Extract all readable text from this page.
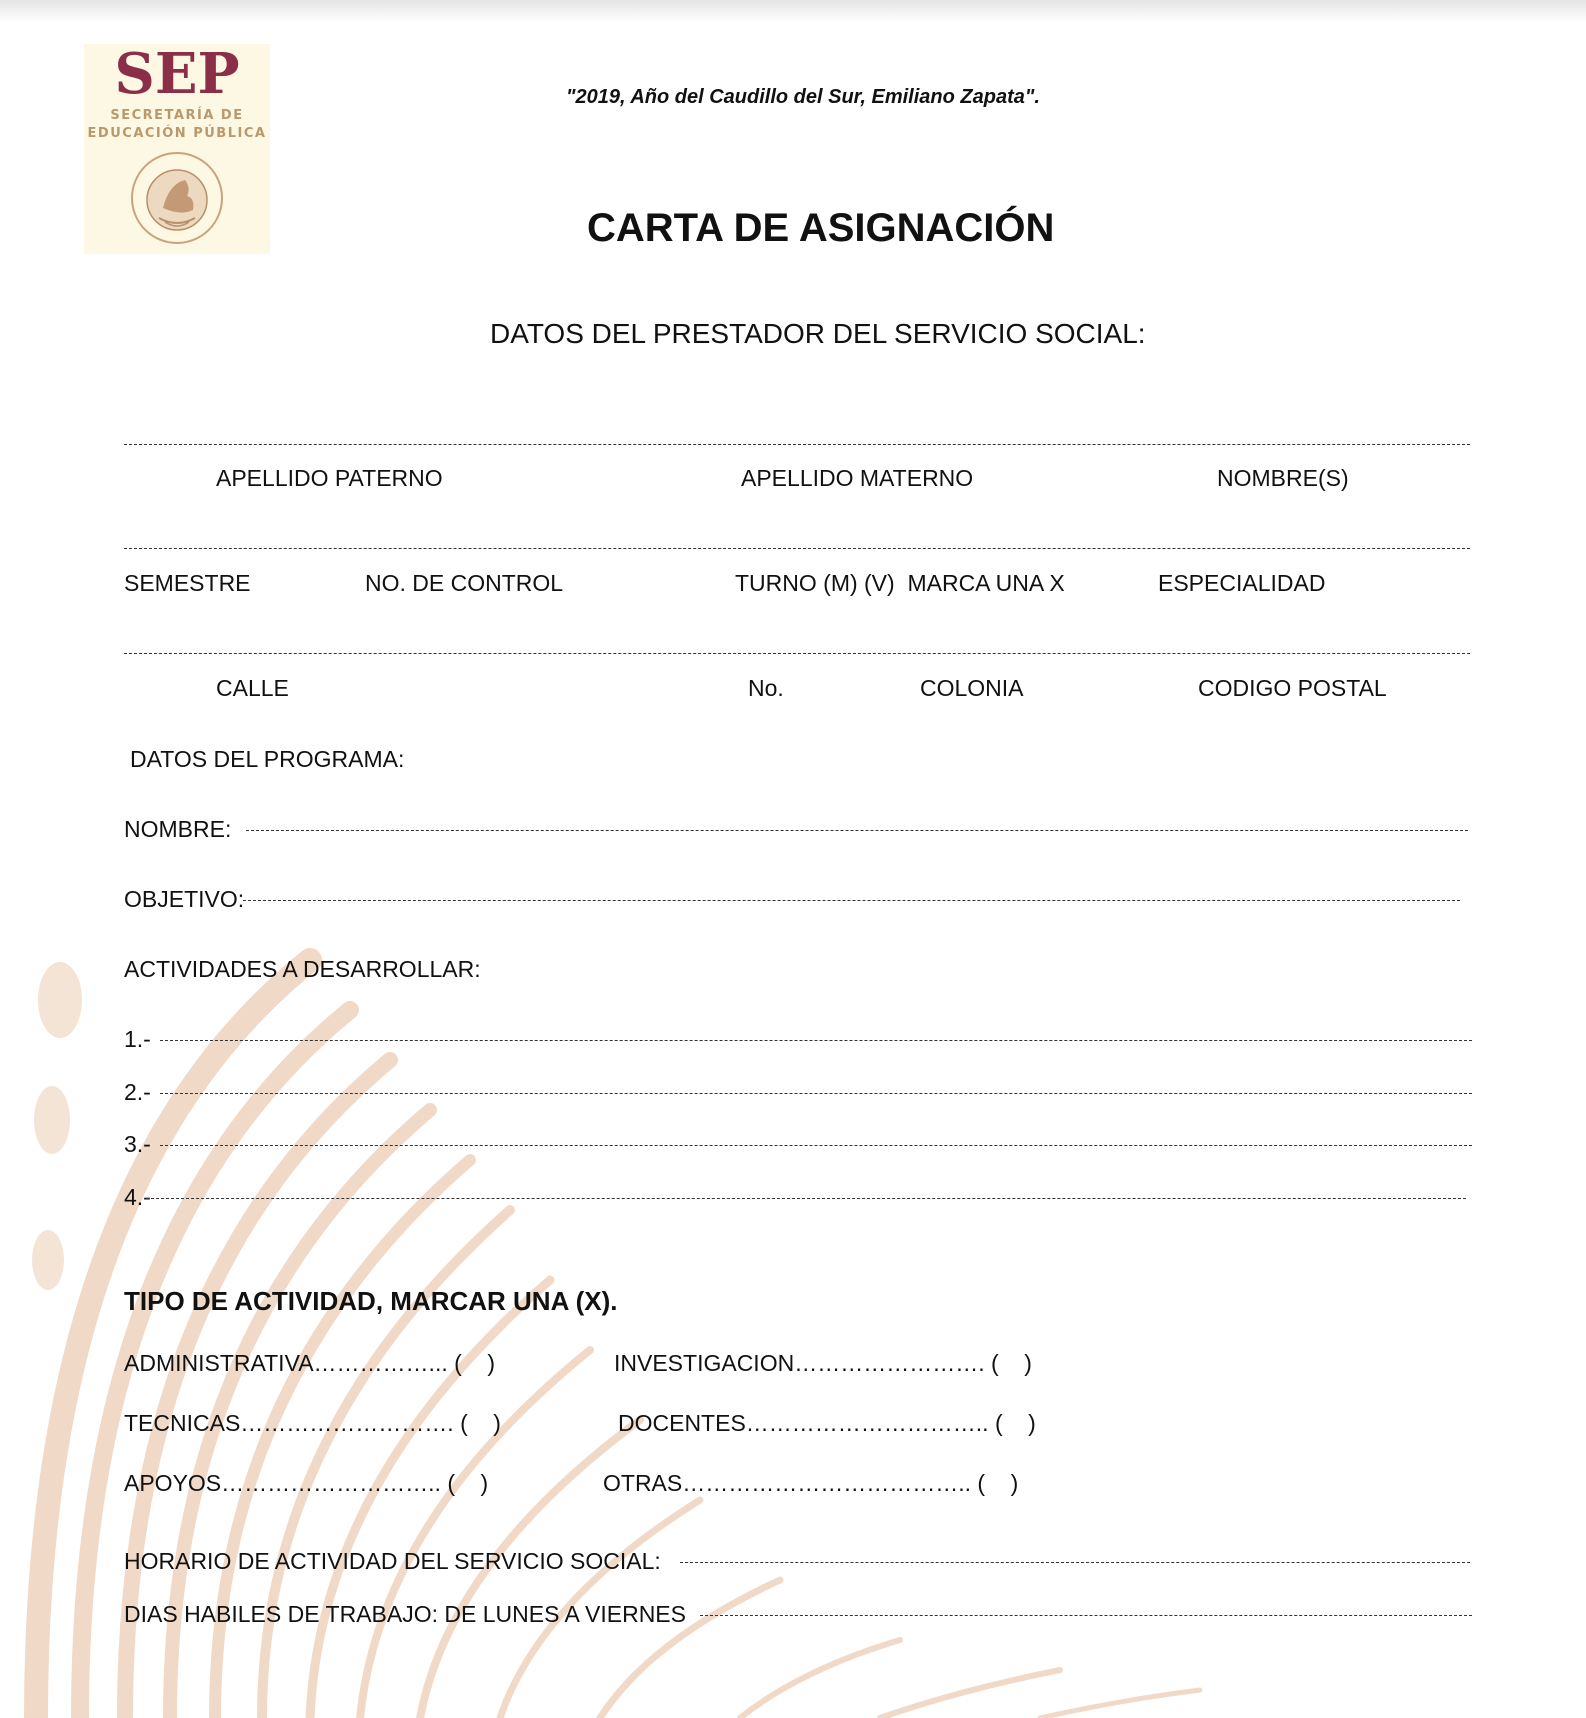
SEP
SECRETARÍA DE
EDUCACIÓN PÚBLICA
"2019, Año del Caudillo del Sur, Emiliano Zapata".
CARTA DE ASIGNACIÓN
DATOS DEL PRESTADOR DEL SERVICIO SOCIAL:
APELLIDO PATERNO	APELLIDO MATERNO	NOMBRE(S)
SEMESTRE	NO. DE CONTROL	TURNO (M) (V)  MARCA UNA X	ESPECIALIDAD
CALLE	No.	COLONIA	CODIGO POSTAL
DATOS DEL PROGRAMA:
NOMBRE:
OBJETIVO:
ACTIVIDADES A DESARROLLAR:
1.-
2.-
3.-
4.-
TIPO DE ACTIVIDAD, MARCAR UNA (X).
ADMINISTRATIVA……………... (    )	INVESTIGACION……………………. (    )
TECNICAS………………………. (    )	DOCENTES………………………….. (    )
APOYOS……………………….. (    )	OTRAS……………………………….. (    )
HORARIO DE ACTIVIDAD DEL SERVICIO SOCIAL:
DIAS HABILES DE TRABAJO: DE LUNES A VIERNES
